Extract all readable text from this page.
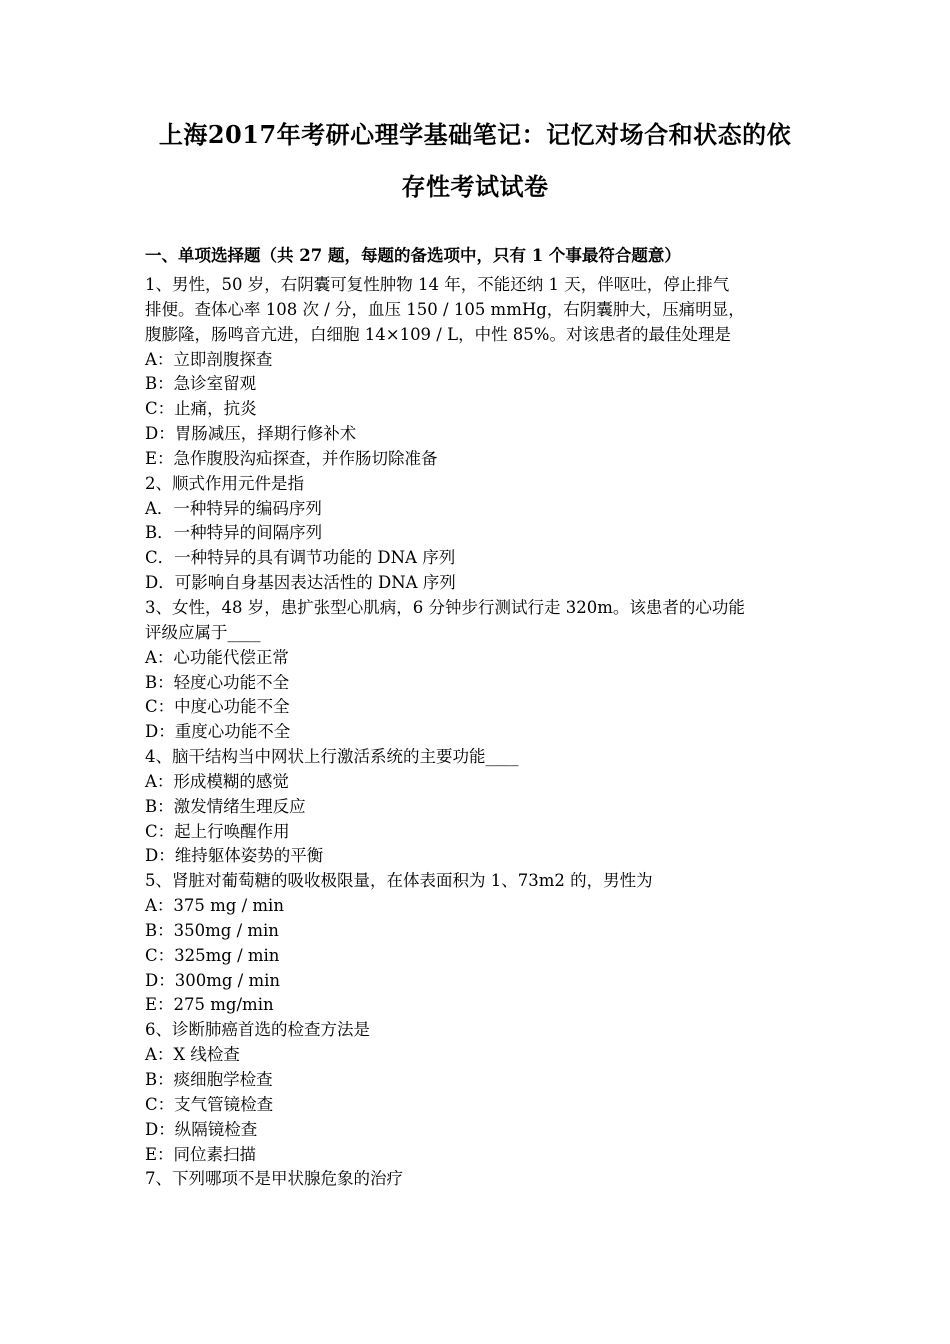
上海2017年考研心理学基础笔记：记忆对场合和状态的依
存性考试试卷
一、单项选择题（共 27 题，每题的备选项中，只有 1 个事最符合题意）
1、男性，50 岁，右阴囊可复性肿物 14 年，不能还纳 1 天，伴呕吐，停止排气
排便。查体心率 108 次 / 分，血压 150 / 105 mmHg，右阴囊肿大，压痛明显，
腹膨隆，肠鸣音亢进，白细胞 14×109 / L，中性 85%。对该患者的最佳处理是
A：立即剖腹探查
B：急诊室留观
C：止痛，抗炎
D：胃肠减压，择期行修补术
E：急作腹股沟疝探查，并作肠切除准备
2、顺式作用元件是指
A．一种特异的编码序列
B．一种特异的间隔序列
C．一种特异的具有调节功能的 DNA 序列
D．可影响自身基因表达活性的 DNA 序列
3、女性，48 岁，患扩张型心肌病，6 分钟步行测试行走 320m。该患者的心功能
评级应属于____
A：心功能代偿正常
B：轻度心功能不全
C：中度心功能不全
D：重度心功能不全
4、脑干结构当中网状上行激活系统的主要功能____
A：形成模糊的感觉
B：激发情绪生理反应
C：起上行唤醒作用
D：维持躯体姿势的平衡
5、肾脏对葡萄糖的吸收极限量，在体表面积为 1、73m2 的，男性为
A：375 mg / min
B：350mg / min
C：325mg / min
D：300mg / min
E：275 mg/min
6、诊断肺癌首选的检查方法是
A：X 线检查
B：痰细胞学检查
C：支气管镜检查
D：纵隔镜检查
E：同位素扫描
7、下列哪项不是甲状腺危象的治疗
